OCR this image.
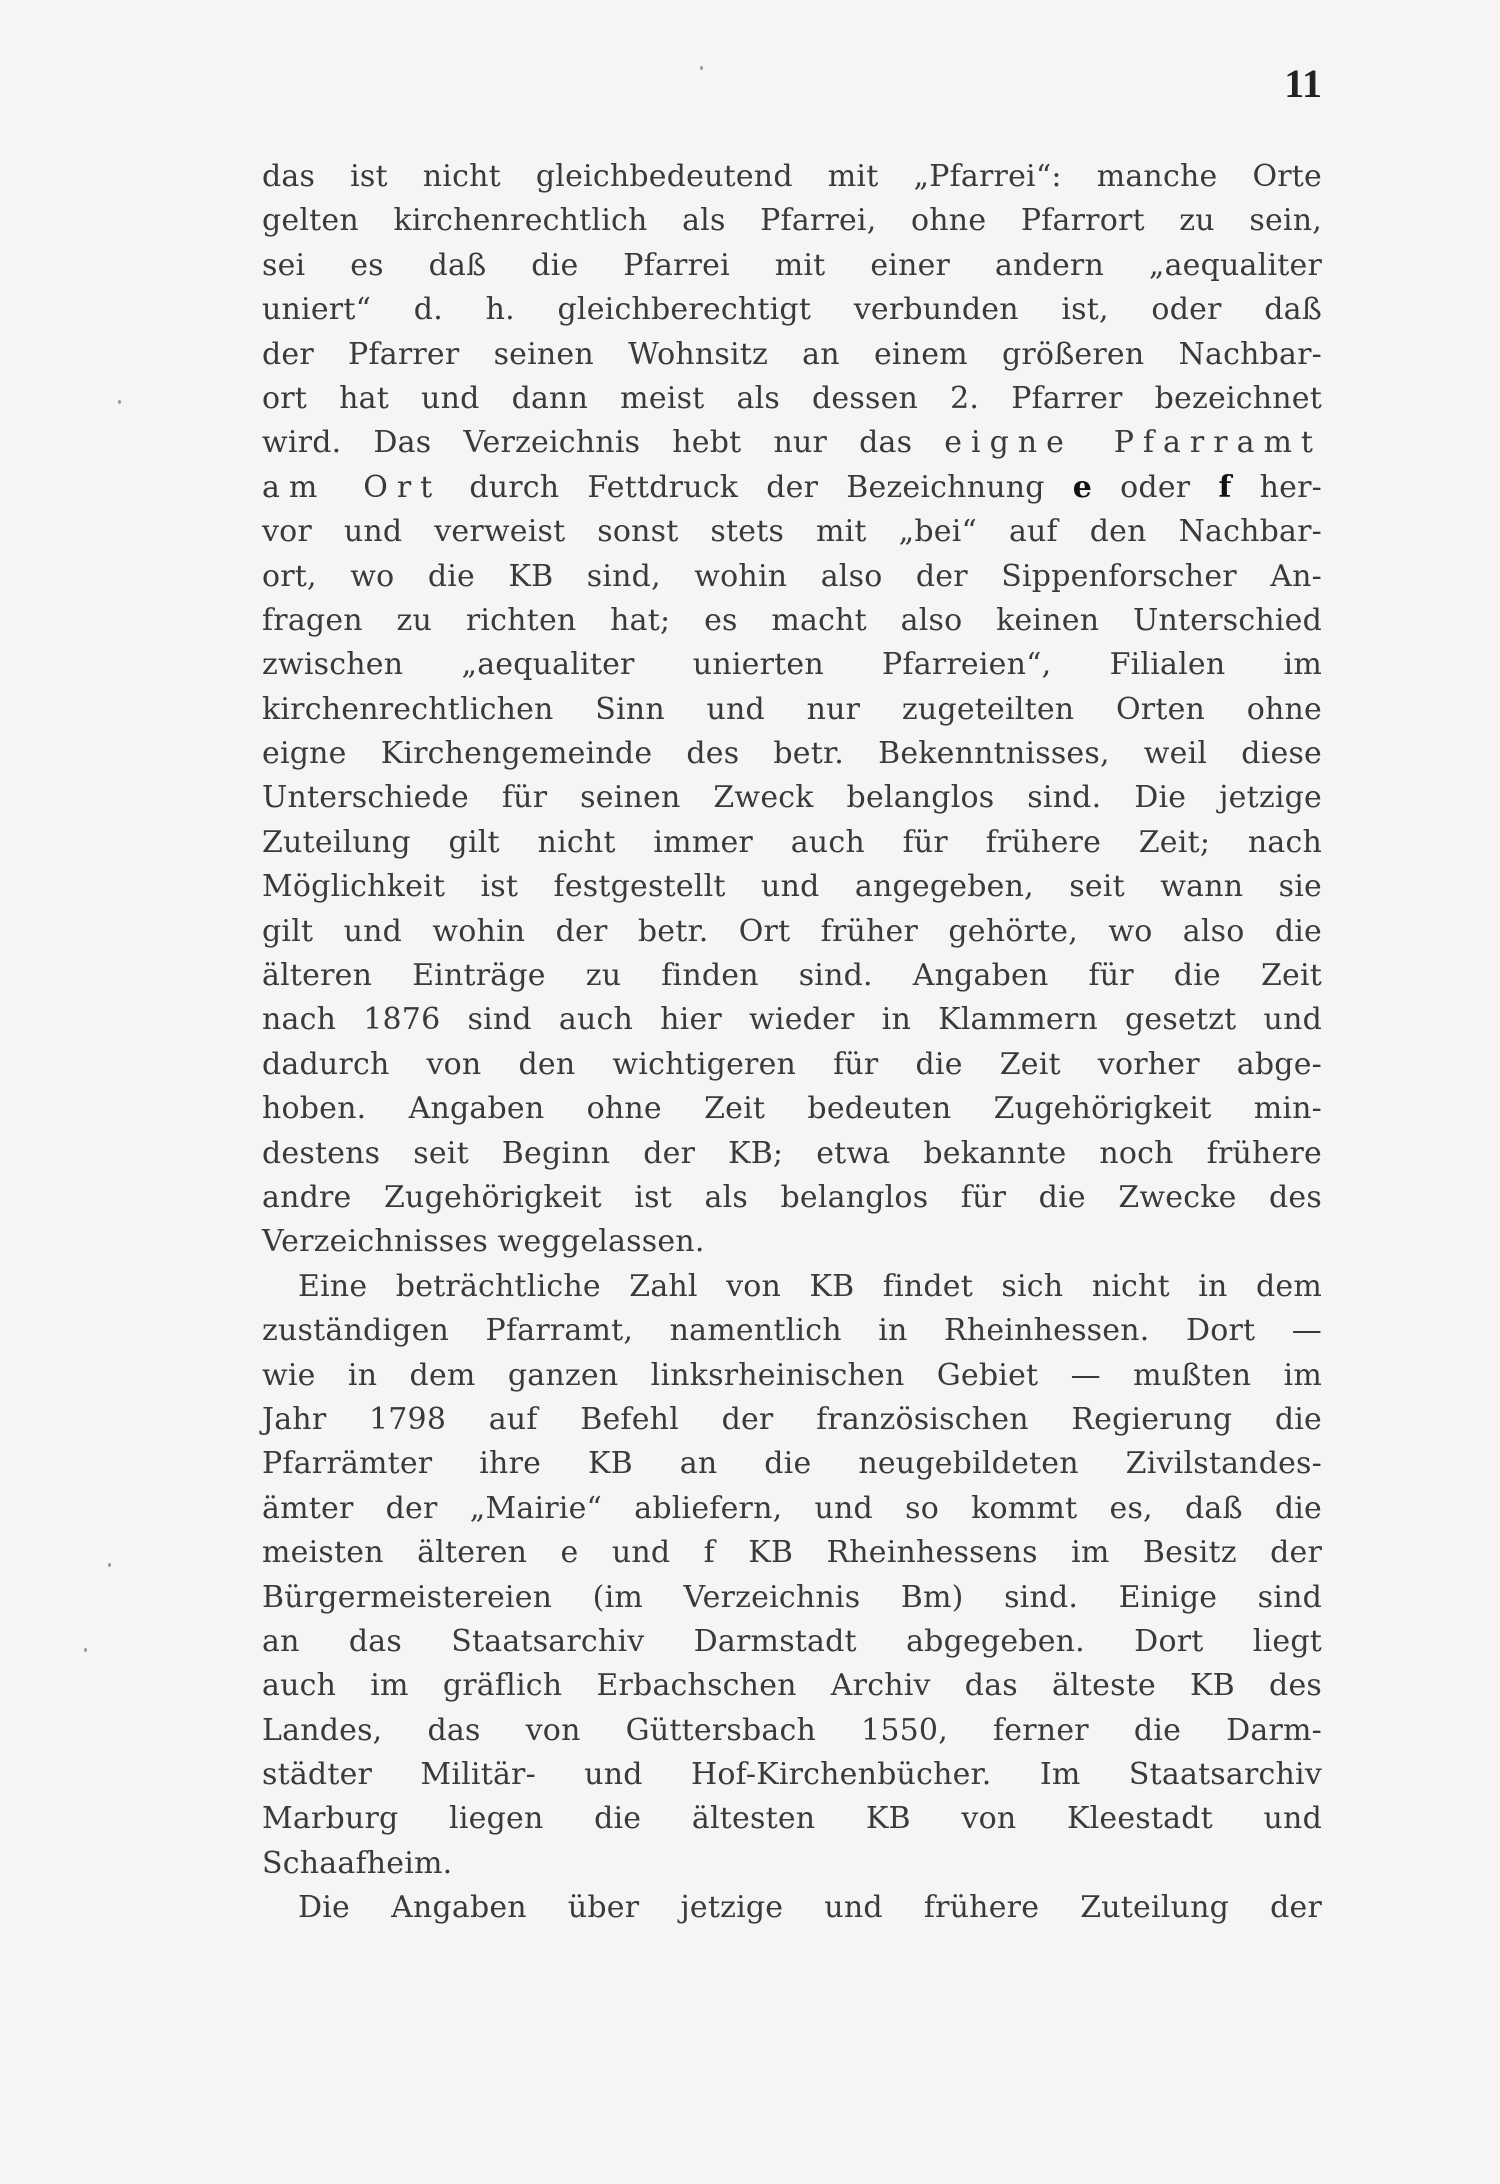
11
das ist nicht gleichbedeutend mit „Pfarrei“: manche Orte
gelten kirchenrechtlich als Pfarrei, ohne Pfarrort zu sein,
sei es daß die Pfarrei mit einer andern „aequaliter
uniert“ d. h. gleichberechtigt verbunden ist, oder daß
der Pfarrer seinen Wohnsitz an einem größeren Nachbar-
ort hat und dann meist als dessen 2. Pfarrer bezeichnet
wird. Das Verzeichnis hebt nur das eigne Pfarramt
am Ort durch Fettdruck der Bezeichnung e oder f her-
vor und verweist sonst stets mit „bei“ auf den Nachbar-
ort, wo die KB sind, wohin also der Sippenforscher An-
fragen zu richten hat; es macht also keinen Unterschied
zwischen „aequaliter unierten Pfarreien“, Filialen im
kirchenrechtlichen Sinn und nur zugeteilten Orten ohne
eigne Kirchengemeinde des betr. Bekenntnisses, weil diese
Unterschiede für seinen Zweck belanglos sind. Die jetzige
Zuteilung gilt nicht immer auch für frühere Zeit; nach
Möglichkeit ist festgestellt und angegeben, seit wann sie
gilt und wohin der betr. Ort früher gehörte, wo also die
älteren Einträge zu finden sind. Angaben für die Zeit
nach 1876 sind auch hier wieder in Klammern gesetzt und
dadurch von den wichtigeren für die Zeit vorher abge-
hoben. Angaben ohne Zeit bedeuten Zugehörigkeit min-
destens seit Beginn der KB; etwa bekannte noch frühere
andre Zugehörigkeit ist als belanglos für die Zwecke des
Verzeichnisses weggelassen.
Eine beträchtliche Zahl von KB findet sich nicht in dem
zuständigen Pfarramt, namentlich in Rheinhessen. Dort —
wie in dem ganzen linksrheinischen Gebiet — mußten im
Jahr 1798 auf Befehl der französischen Regierung die
Pfarrämter ihre KB an die neugebildeten Zivilstandes-
ämter der „Mairie“ abliefern, und so kommt es, daß die
meisten älteren e und f KB Rheinhessens im Besitz der
Bürgermeistereien (im Verzeichnis Bm) sind. Einige sind
an das Staatsarchiv Darmstadt abgegeben. Dort liegt
auch im gräflich Erbachschen Archiv das älteste KB des
Landes, das von Güttersbach 1550, ferner die Darm-
städter Militär- und Hof-Kirchenbücher. Im Staatsarchiv
Marburg liegen die ältesten KB von Kleestadt und
Schaafheim.
Die Angaben über jetzige und frühere Zuteilung der
